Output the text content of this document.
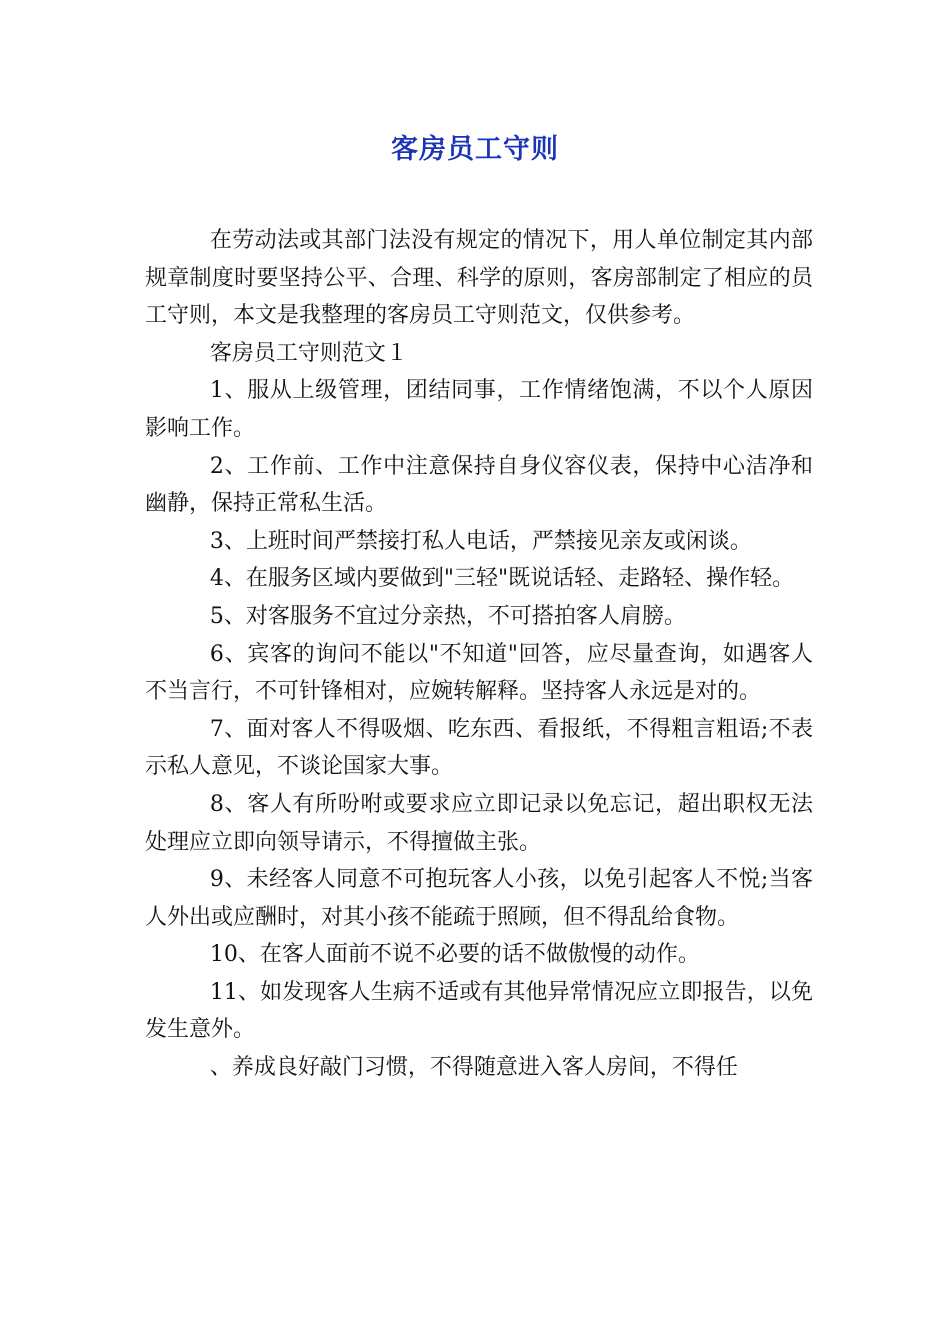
客房员工守则

在劳动法或其部门法没有规定的情况下，用人单位制定其内部规章制度时要坚持公平、合理、科学的原则，客房部制定了相应的员工守则，本文是我整理的客房员工守则范文，仅供参考。

客房员工守则范文１

1、服从上级管理，团结同事，工作情绪饱满，不以个人原因影响工作。

2、工作前、工作中注意保持自身仪容仪表，保持中心洁净和幽静，保持正常私生活。

3、上班时间严禁接打私人电话，严禁接见亲友或闲谈。

4、在服务区域内要做到"三轻"既说话轻、走路轻、操作轻。

5、对客服务不宜过分亲热，不可搭拍客人肩膀。

6、宾客的询问不能以"不知道"回答，应尽量查询，如遇客人不当言行，不可针锋相对，应婉转解释。坚持客人永远是对的。

7、面对客人不得吸烟、吃东西、看报纸，不得粗言粗语;不表示私人意见，不谈论国家大事。

8、客人有所吩咐或要求应立即记录以免忘记，超出职权无法处理应立即向领导请示，不得擅做主张。

9、未经客人同意不可抱玩客人小孩，以免引起客人不悦;当客人外出或应酬时，对其小孩不能疏于照顾，但不得乱给食物。

10、在客人面前不说不必要的话不做傲慢的动作。

11、如发现客人生病不适或有其他异常情况应立即报告，以免发生意外。

、养成良好敲门习惯，不得随意进入客人房间，不得任
